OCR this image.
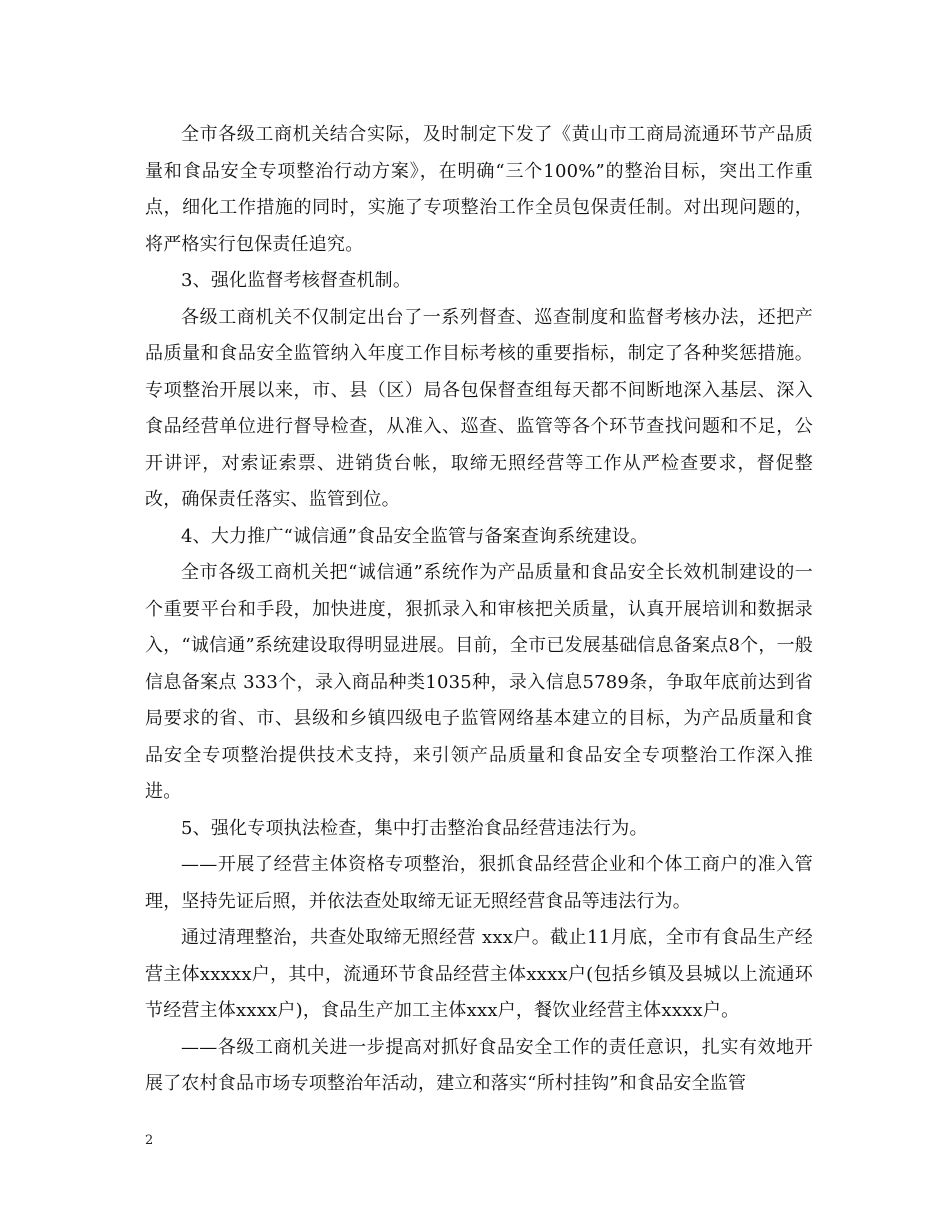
全市各级工商机关结合实际，及时制定下发了《黄山市工商局流通环节产品质量和食品安全专项整治行动方案》，在明确“三个100%”的整治目标，突出工作重点，细化工作措施的同时，实施了专项整治工作全员包保责任制。对出现问题的，将严格实行包保责任追究。

3、强化监督考核督查机制。

各级工商机关不仅制定出台了一系列督查、巡查制度和监督考核办法，还把产品质量和食品安全监管纳入年度工作目标考核的重要指标，制定了各种奖惩措施。专项整治开展以来，市、县（区）局各包保督查组每天都不间断地深入基层、深入食品经营单位进行督导检查，从准入、巡查、监管等各个环节查找问题和不足，公开讲评，对索证索票、进销货台帐，取缔无照经营等工作从严检查要求，督促整改，确保责任落实、监管到位。

4、大力推广“诚信通”食品安全监管与备案查询系统建设。

全市各级工商机关把“诚信通”系统作为产品质量和食品安全长效机制建设的一个重要平台和手段，加快进度，狠抓录入和审核把关质量，认真开展培训和数据录入，“诚信通”系统建设取得明显进展。目前，全市已发展基础信息备案点8个，一般信息备案点 333个，录入商品种类1035种，录入信息5789条，争取年底前达到省局要求的省、市、县级和乡镇四级电子监管网络基本建立的目标，为产品质量和食品安全专项整治提供技术支持，来引领产品质量和食品安全专项整治工作深入推进。

5、强化专项执法检查，集中打击整治食品经营违法行为。

——开展了经营主体资格专项整治，狠抓食品经营企业和个体工商户的准入管理，坚持先证后照，并依法查处取缔无证无照经营食品等违法行为。

通过清理整治，共查处取缔无照经营 xxx户。截止11月底，全市有食品生产经营主体xxxxx户，其中，流通环节食品经营主体xxxx户(包括乡镇及县城以上流通环节经营主体xxxx户)，食品生产加工主体xxx户，餐饮业经营主体xxxx户。

——各级工商机关进一步提高对抓好食品安全工作的责任意识，扎实有效地开展了农村食品市场专项整治年活动，建立和落实“所村挂钩”和食品安全监管

2
